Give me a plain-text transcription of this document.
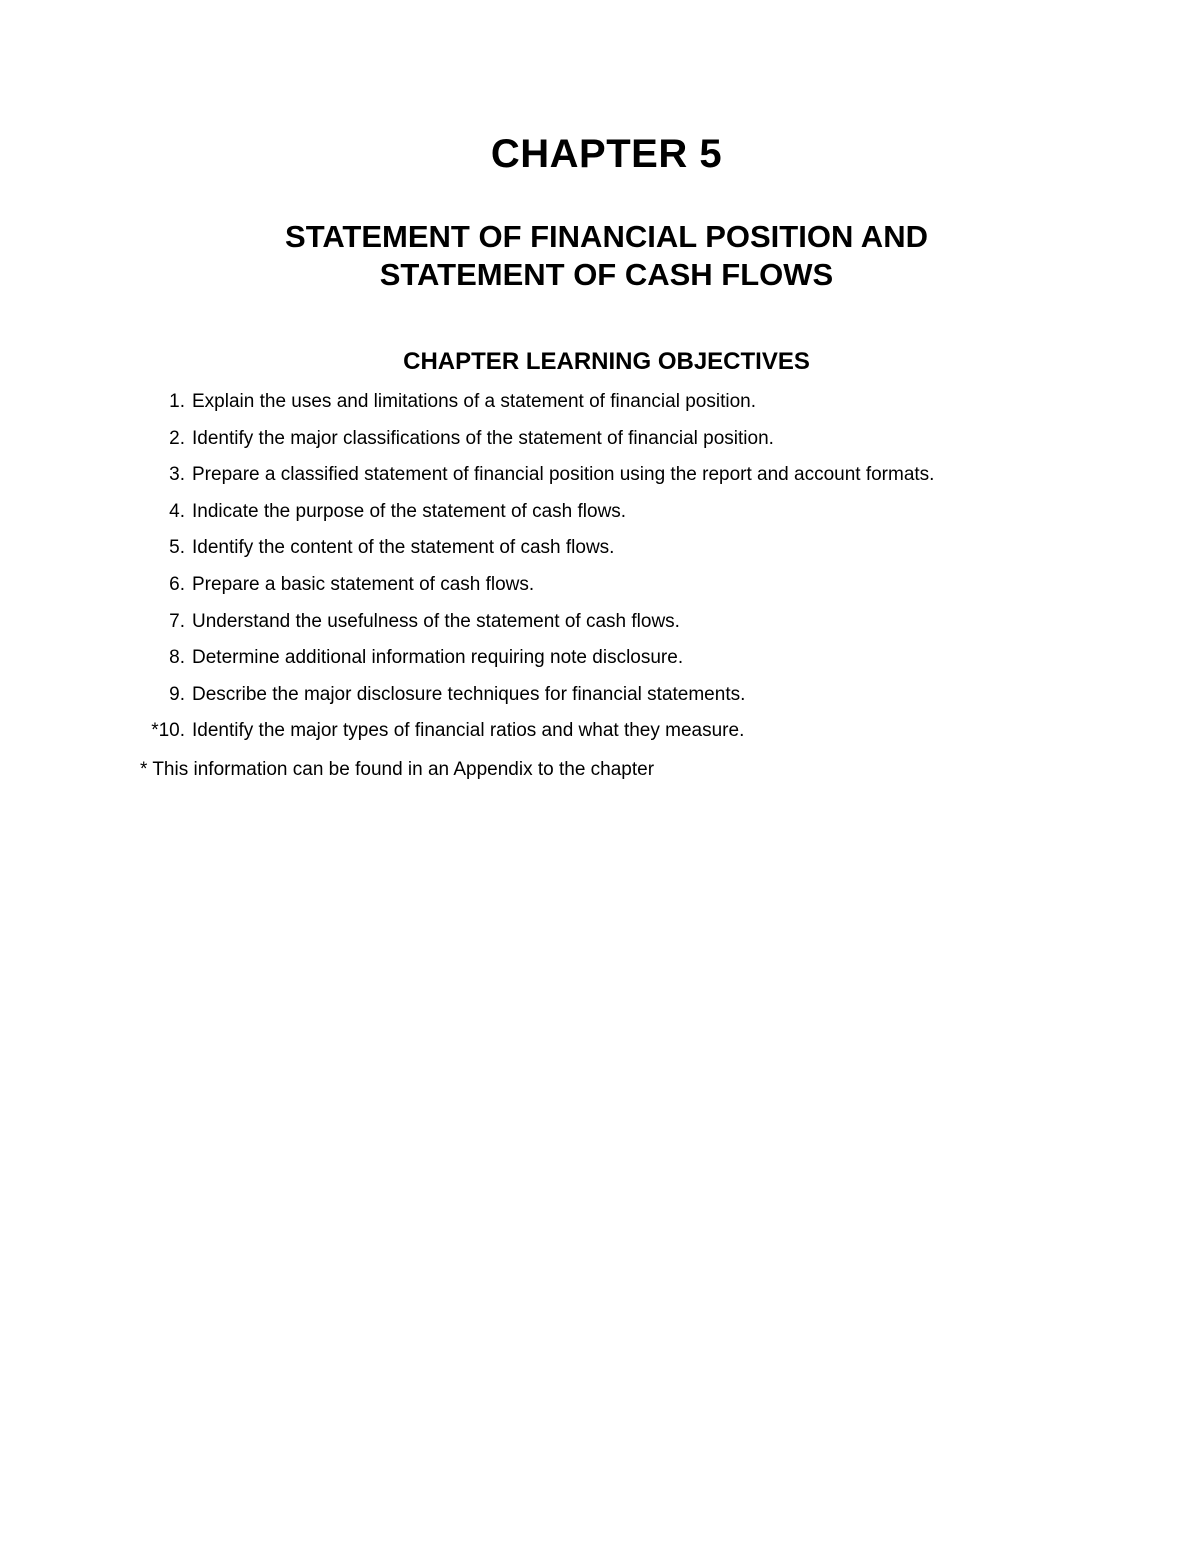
CHAPTER 5
STATEMENT OF FINANCIAL POSITION AND
STATEMENT OF CASH FLOWS
CHAPTER LEARNING OBJECTIVES
1. Explain the uses and limitations of a statement of financial position.
2. Identify the major classifications of the statement of financial position.
3. Prepare a classified statement of financial position using the report and account formats.
4. Indicate the purpose of the statement of cash flows.
5. Identify the content of the statement of cash flows.
6. Prepare a basic statement of cash flows.
7. Understand the usefulness of the statement of cash flows.
8. Determine additional information requiring note disclosure.
9. Describe the major disclosure techniques for financial statements.
*10. Identify the major types of financial ratios and what they measure.
* This information can be found in an Appendix to the chapter
